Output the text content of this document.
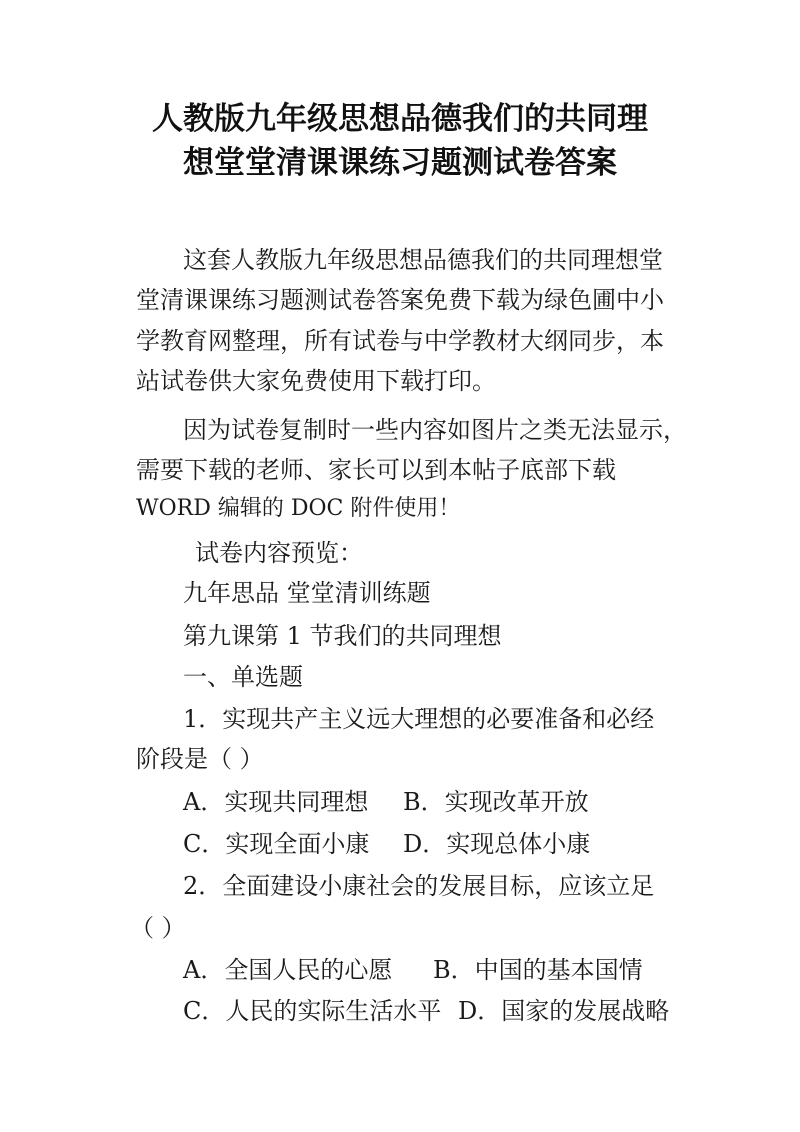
人教版九年级思想品德我们的共同理
想堂堂清课课练习题测试卷答案

这套人教版九年级思想品德我们的共同理想堂

堂清课课练习题测试卷答案免费下载为绿色圃中小

学教育网整理，所有试卷与中学教材大纲同步，本

站试卷供大家免费使用下载打印。

因为试卷复制时一些内容如图片之类无法显示，

需要下载的老师、家长可以到本帖子底部下载

WORD 编辑的 DOC 附件使用！

试卷内容预览：

九年思品 堂堂清训练题

第九课第 1 节我们的共同理想

一、单选题

1．实现共产主义远大理想的必要准备和必经

阶段是（ ）

A．实现共同理想 B．实现改革开放

C．实现全面小康 D．实现总体小康

2．全面建设小康社会的发展目标，应该立足

（ ）

A．全国人民的心愿 B．中国的基本国情

C．人民的实际生活水平 D．国家的发展战略
